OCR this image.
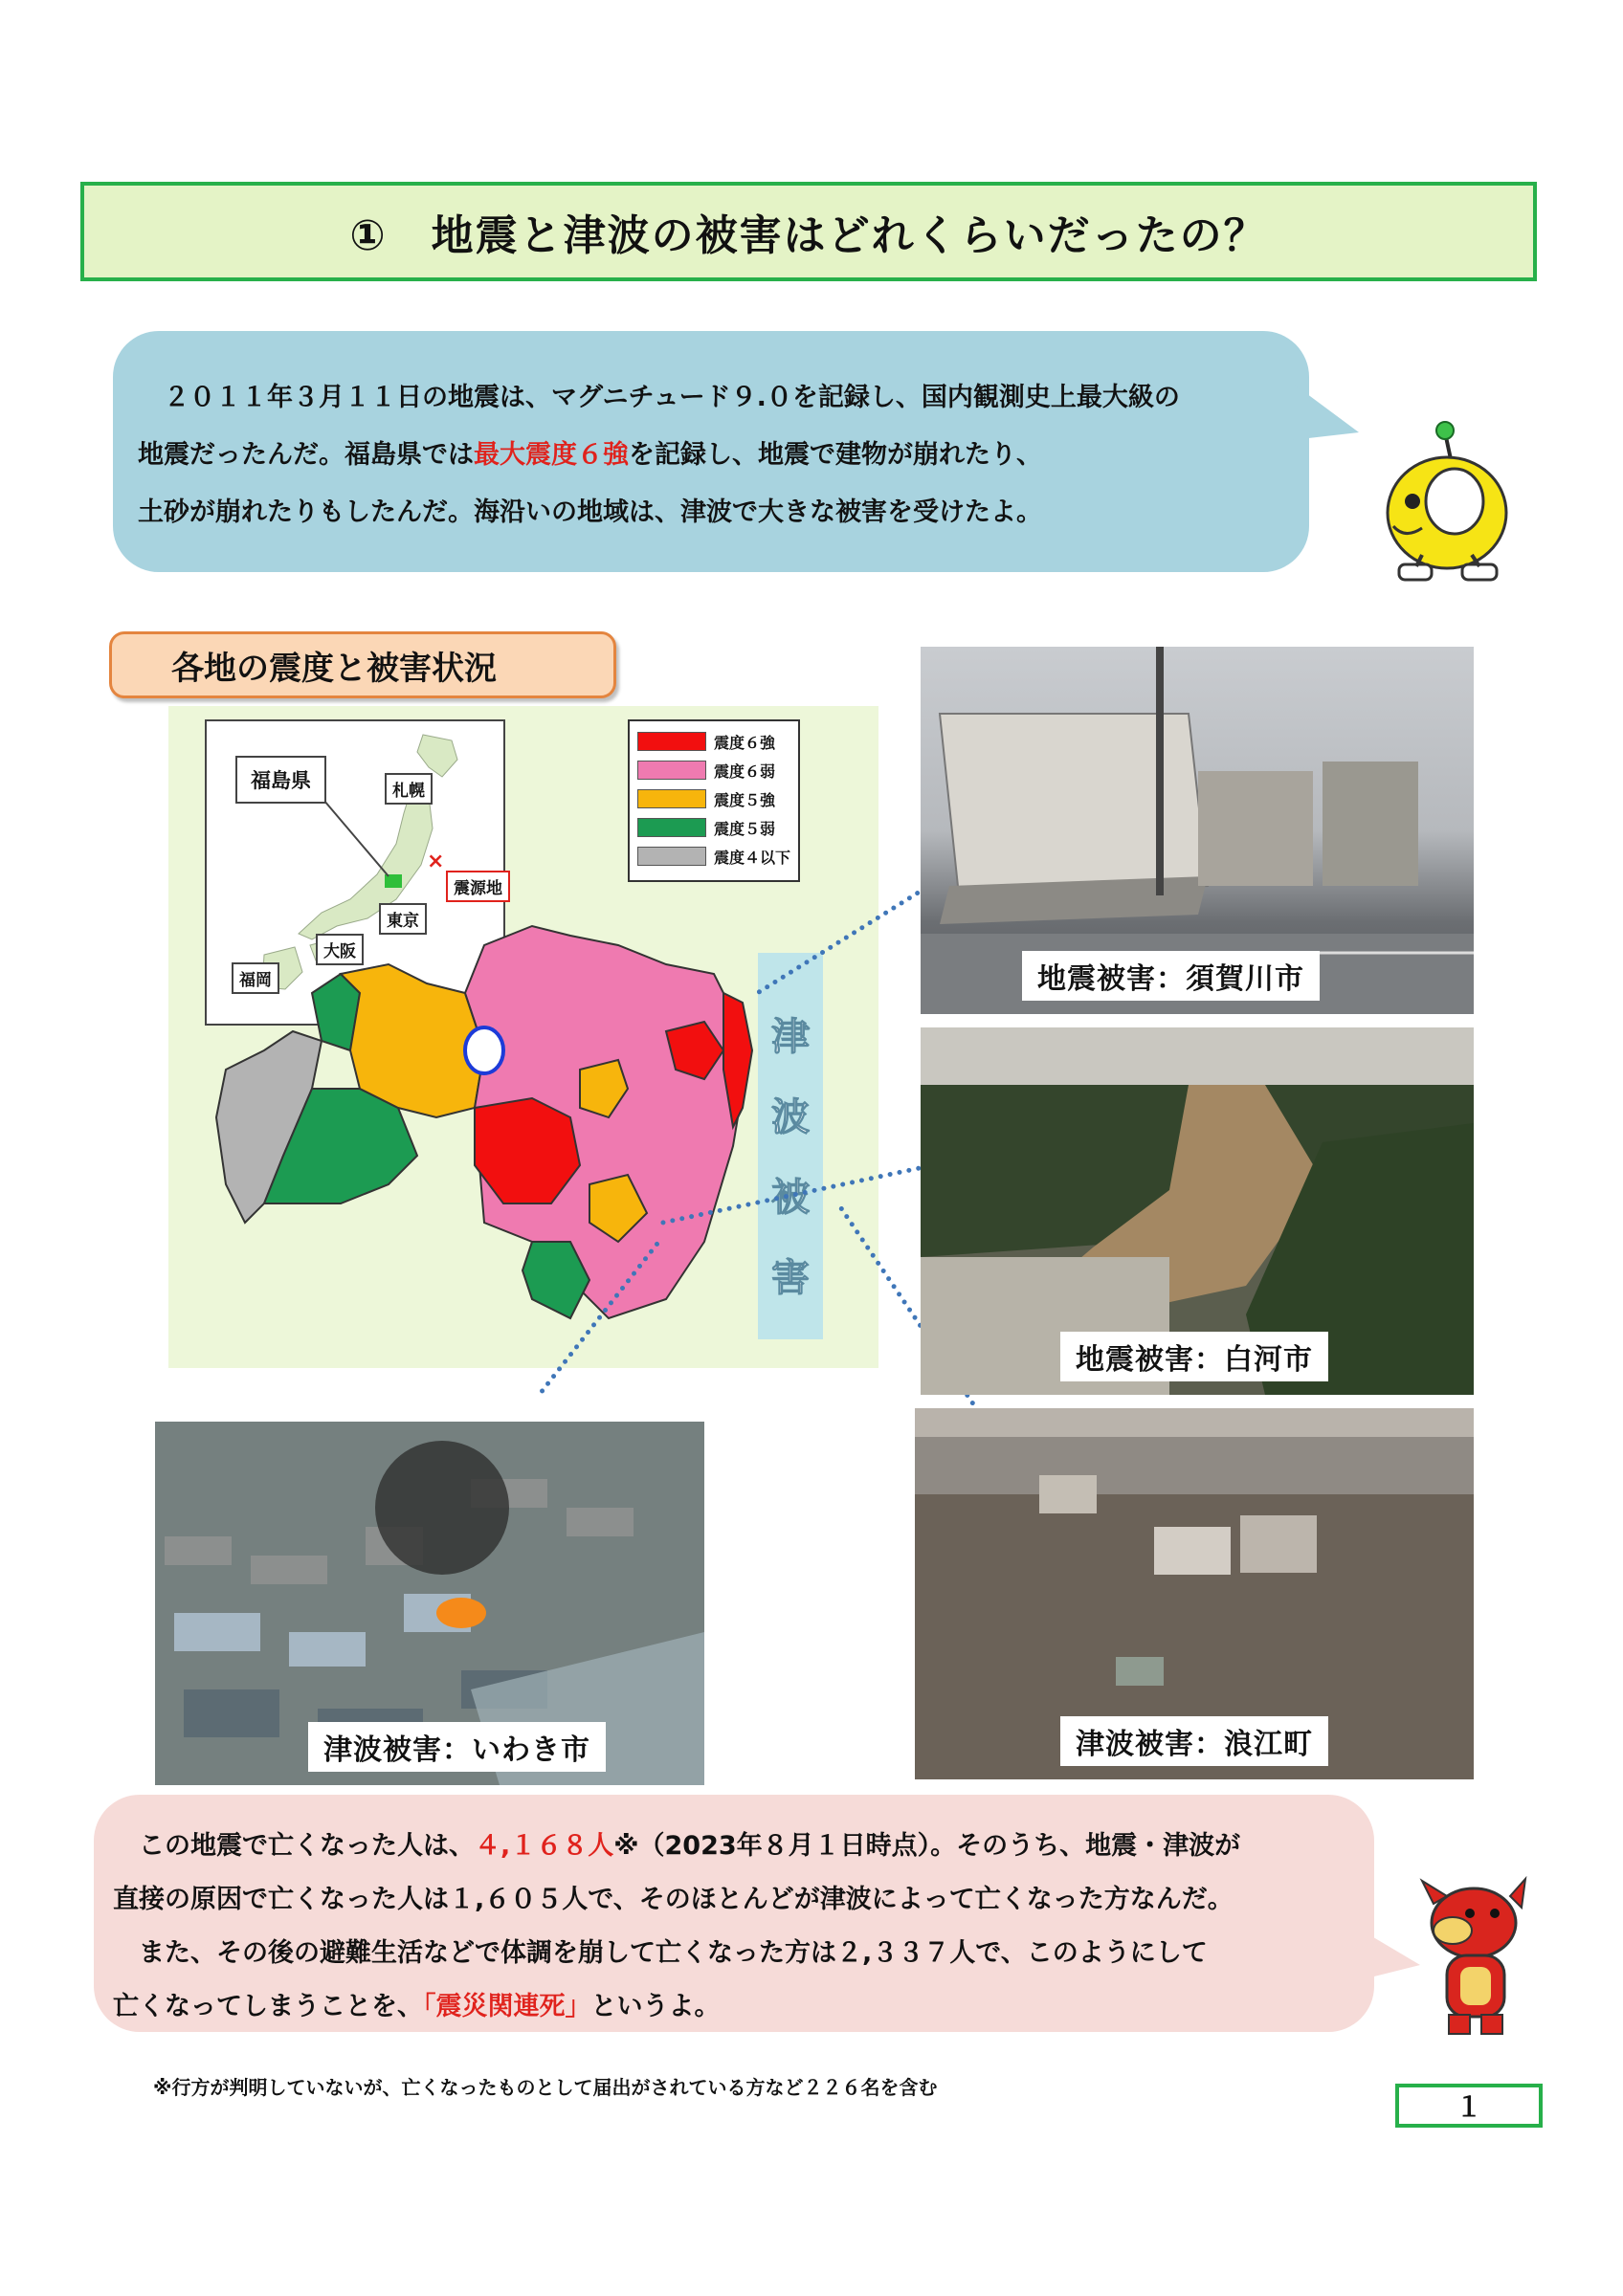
①　地震と津波の被害はどれくらいだったの？

　２０１１年３月１１日の地震は、マグニチュード９.０を記録し、国内観測史上最大級の

地震だったんだ。福島県では最大震度６強を記録し、地震で建物が崩れたり、

土砂が崩れたりもしたんだ。海沿いの地域は、津波で大きな被害を受けたよ。

各地の震度と被害状況
福島県	札幌
東京
大阪
福岡
×
震源地
震度６強
震度６弱
震度５強
震度５弱
震度４以下
津
波
被
害
地震被害：須賀川市
地震被害：白河市
津波被害：いわき市	津波被害：浪江町

　この地震で亡くなった人は、４,１６８人※（2023年８月１日時点）。そのうち、地震・津波が

直接の原因で亡くなった人は１,６０５人で、そのほとんどが津波によって亡くなった方なんだ。

　また、その後の避難生活などで体調を崩して亡くなった方は２,３３７人で、このようにして

亡くなってしまうことを、「震災関連死」というよ。

※行方が判明していないが、亡くなったものとして届出がされている方など２２６名を含む
１
